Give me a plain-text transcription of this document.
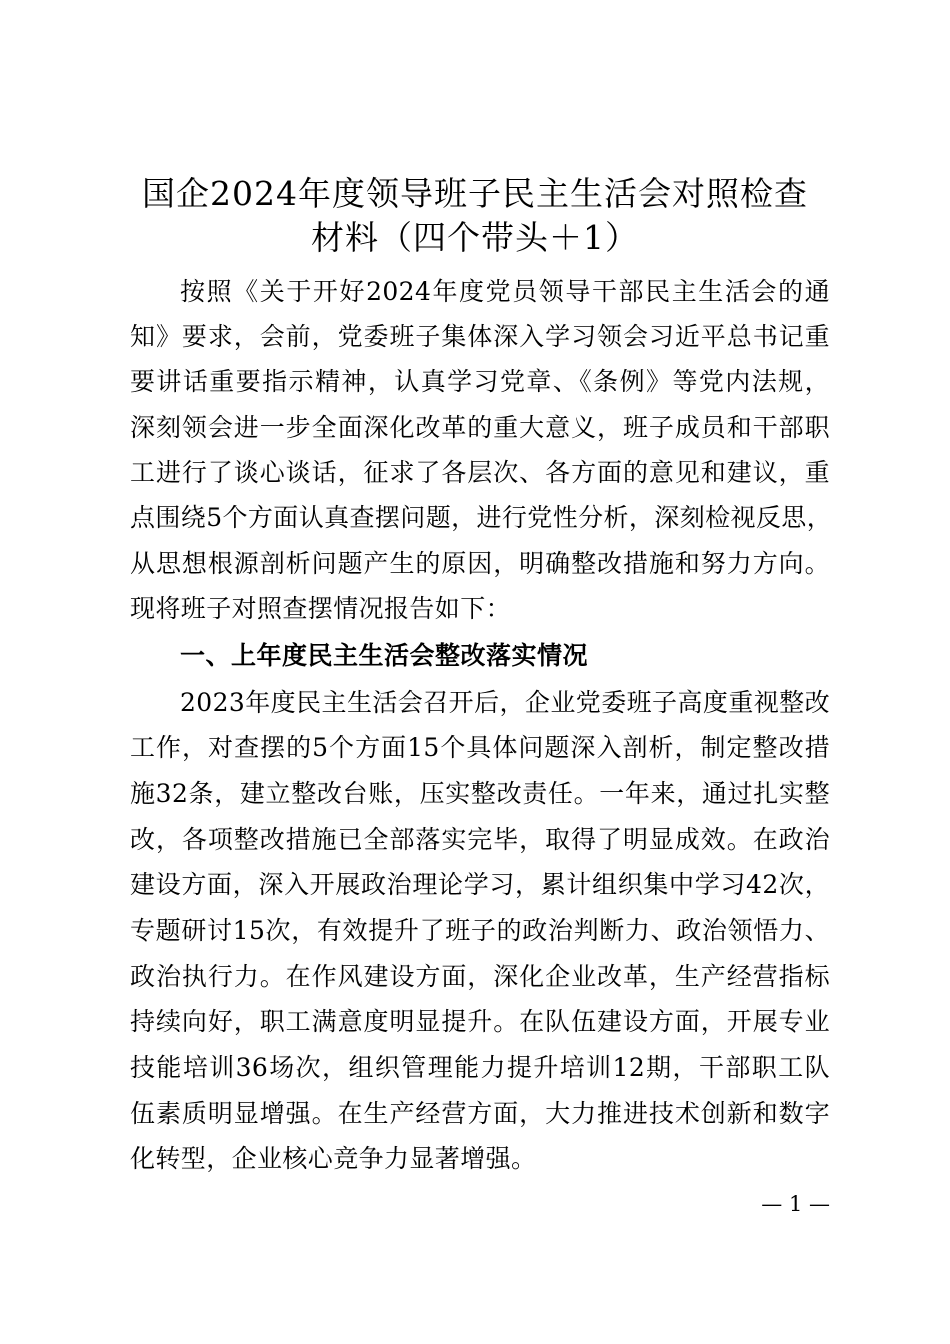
国企2024年度领导班子民主生活会对照检查
材料（四个带头＋1）
按照《关于开好2024年度党员领导干部民主生活会的通
知》要求，会前，党委班子集体深入学习领会习近平总书记重
要讲话重要指示精神，认真学习党章、《条例》等党内法规，
深刻领会进一步全面深化改革的重大意义，班子成员和干部职
工进行了谈心谈话，征求了各层次、各方面的意见和建议，重
点围绕5个方面认真查摆问题，进行党性分析，深刻检视反思，
从思想根源剖析问题产生的原因，明确整改措施和努力方向。
现将班子对照查摆情况报告如下：
一、上年度民主生活会整改落实情况
2023年度民主生活会召开后，企业党委班子高度重视整改
工作，对查摆的5个方面15个具体问题深入剖析，制定整改措
施32条，建立整改台账，压实整改责任。一年来，通过扎实整
改，各项整改措施已全部落实完毕，取得了明显成效。在政治
建设方面，深入开展政治理论学习，累计组织集中学习42次，
专题研讨15次，有效提升了班子的政治判断力、政治领悟力、
政治执行力。在作风建设方面，深化企业改革，生产经营指标
持续向好，职工满意度明显提升。在队伍建设方面，开展专业
技能培训36场次，组织管理能力提升培训12期，干部职工队
伍素质明显增强。在生产经营方面，大力推进技术创新和数字
化转型，企业核心竞争力显著增强。
— 1 —
